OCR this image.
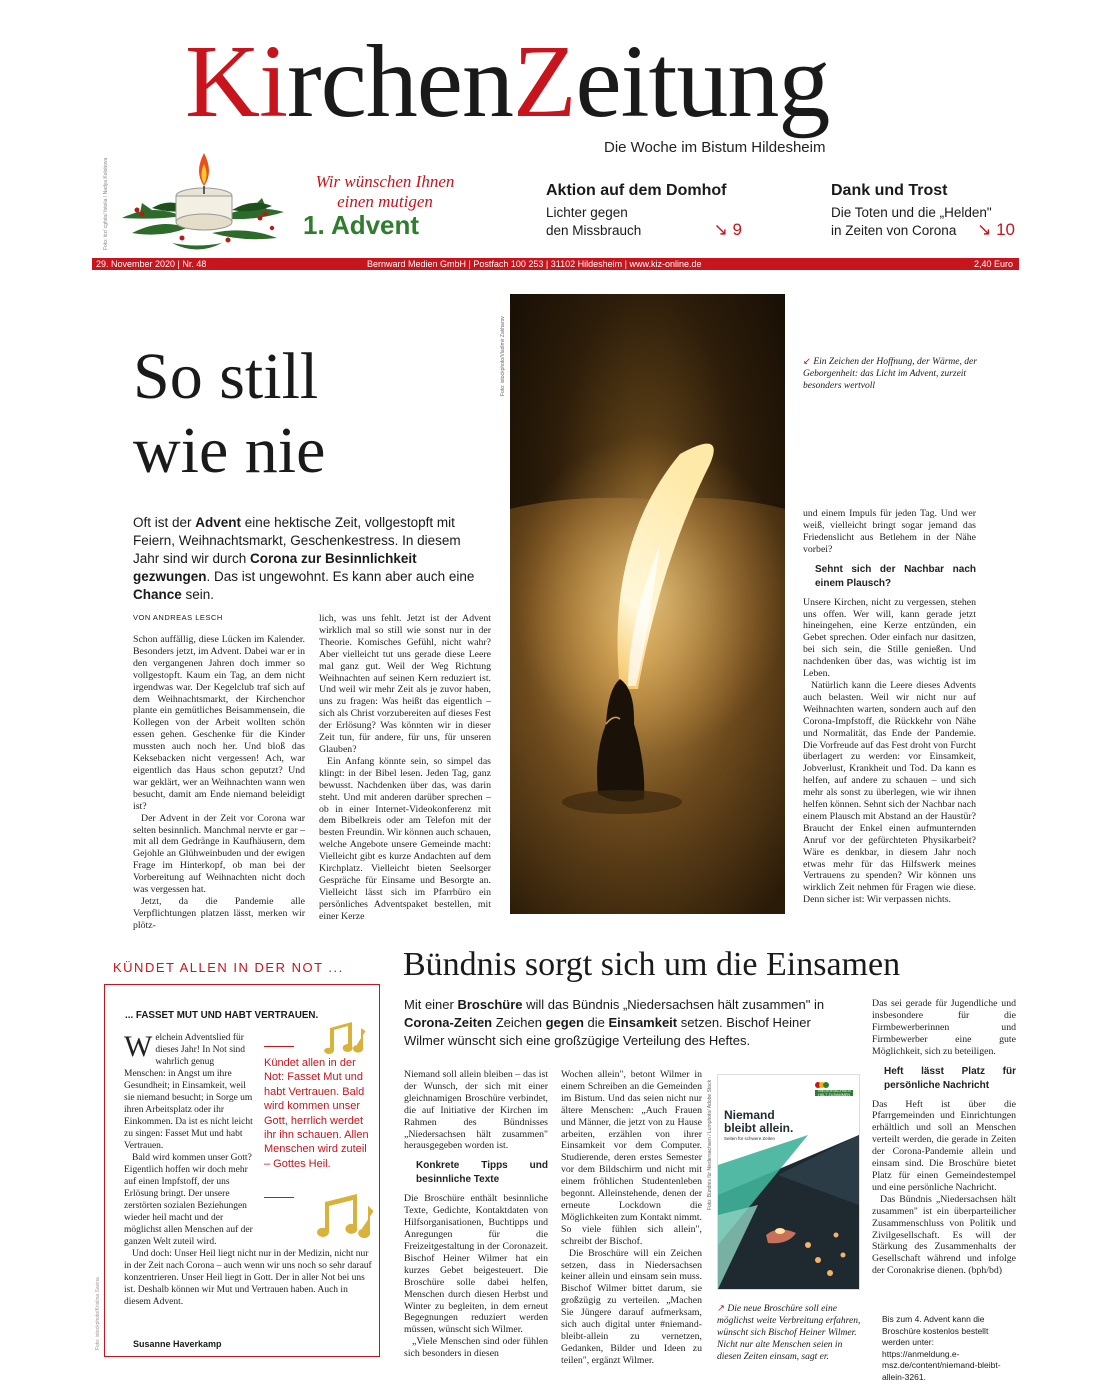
KirchenZeitung
Die Woche im Bistum Hildesheim
Foto: kiz/ cgfoto/ fotolia / Nadya Kolobova	Wir wünschen Ihnen
einen mutigen
1. Advent
Aktion auf dem Domhof

Lichter gegen
den Missbrauch	↘ 9
Dank und Trost

Die Toten und die „Helden"
in Zeiten von Corona	↘ 10
29. November 2020 | Nr. 48	Bernward Medien GmbH | Postfach 100 253 | 31102 Hildesheim | www.kiz-online.de	2,40 Euro
So still
wie nie
Oft ist der Advent eine hektische Zeit, vollgestopft mit Feiern, Weihnachtsmarkt, Geschenkestress. In diesem Jahr sind wir durch Corona zur Besinnlichkeit gezwungen. Das ist ungewohnt. Es kann aber auch eine Chance sein.
VON ANDREAS LESCH

Schon auffällig, diese Lücken im Kalender. Besonders jetzt, im Advent. Dabei war er in den vergangenen Jahren doch immer so vollgestopft. Kaum ein Tag, an dem nicht irgendwas war. Der Kegelclub traf sich auf dem Weihnachtsmarkt, der Kirchenchor plante ein gemütliches Beisammensein, die Kollegen von der Arbeit wollten schön essen gehen. Geschenke für die Kinder mussten auch noch her. Und bloß das Keksebacken nicht vergessen! Ach, war eigentlich das Haus schon geputzt? Und war geklärt, wer an Weihnachten wann wen besucht, damit am Ende niemand beleidigt ist?

Der Advent in der Zeit vor Corona war selten besinnlich. Manchmal nervte er gar – mit all dem Gedränge in Kaufhäusern, dem Gejohle an Glühweinbuden und der ewigen Frage im Hinterkopf, ob man bei der Vorbereitung auf Weihnachten nicht doch was vergessen hat.

Jetzt, da die Pandemie alle Verpflichtungen platzen lässt, merken wir plötz-

lich, was uns fehlt. Jetzt ist der Advent wirklich mal so still wie sonst nur in der Theorie. Komisches Gefühl, nicht wahr? Aber vielleicht tut uns gerade diese Leere mal ganz gut. Weil der Weg Richtung Weihnachten auf seinen Kern reduziert ist. Und weil wir mehr Zeit als je zuvor haben, uns zu fragen: Was heißt das eigentlich – sich als Christ vorzubereiten auf dieses Fest der Erlösung? Was könnten wir in dieser Zeit tun, für andere, für uns, für unseren Glauben?

Ein Anfang könnte sein, so simpel das klingt: in der Bibel lesen. Jeden Tag, ganz bewusst. Nachdenken über das, was darin steht. Und mit anderen darüber sprechen – ob in einer Internet-Videokonferenz mit dem Bibelkreis oder am Telefon mit der besten Freundin. Wir können auch schauen, welche Angebote unsere Gemeinde macht: Vielleicht gibt es kurze Andachten auf dem Kirchplatz. Vielleicht bieten Seelsorger Gespräche für Einsame und Besorgte an. Vielleicht lässt sich im Pfarrbüro ein persönliches Adventspaket bestellen, mit einer Kerze

Foto: istockphoto/Vladimir Zakharov	↙ Ein Zeichen der Hoffnung, der Wärme, der Geborgenheit: das Licht im Advent, zurzeit besonders wertvoll

und einem Impuls für jeden Tag. Und wer weiß, vielleicht bringt sogar jemand das Friedenslicht aus Betlehem in der Nähe vorbei?

Sehnt sich der Nachbar nach einem Plausch?

Unsere Kirchen, nicht zu vergessen, stehen uns offen. Wer will, kann gerade jetzt hineingehen, eine Kerze entzünden, ein Gebet sprechen. Oder einfach nur dasitzen, bei sich sein, die Stille genießen. Und nachdenken über das, was wichtig ist im Leben.

Natürlich kann die Leere dieses Advents auch belasten. Weil wir nicht nur auf Weihnachten warten, sondern auch auf den Corona-Impfstoff, die Rückkehr von Nähe und Normalität, das Ende der Pandemie. Die Vorfreude auf das Fest droht von Furcht überlagert zu werden: vor Einsamkeit, Jobverlust, Krankheit und Tod. Da kann es helfen, auf andere zu schauen – und sich mehr als sonst zu überlegen, wie wir ihnen helfen können. Sehnt sich der Nachbar nach einem Plausch mit Abstand an der Haustür? Braucht der Enkel einen aufmunternden Anruf vor der gefürchteten Physikarbeit? Wäre es denkbar, in diesem Jahr noch etwas mehr für das Hilfswerk meines Vertrauens zu spenden? Wir können uns wirklich Zeit nehmen für Fragen wie diese. Denn sicher ist: Wir verpassen nichts.

KÜNDET ALLEN IN DER NOT ...
Foto: istockphoto/Kristina Savina
... FASSET MUT UND HABT VERTRAUEN.
Kündet allen in der Not: Fasset Mut und habt Vertrauen. Bald wird kommen unser Gott, herrlich werdet ihr ihn schauen. Allen Menschen wird zuteil – Gottes Heil.

Welchein Adventslied für dieses Jahr! In Not sind wahrlich genug Menschen: in Angst um ihre Gesundheit; in Einsamkeit, weil sie niemand besucht; in Sorge um ihren Arbeitsplatz oder ihr Einkommen. Da ist es nicht leicht zu singen: Fasset Mut und habt Vertrauen.

Bald wird kommen unser Gott? Eigentlich hoffen wir doch mehr auf einen Impfstoff, der uns Erlösung bringt. Der unsere zerstörten sozialen Beziehungen wieder heil macht und der möglichst allen Menschen auf der ganzen Welt zuteil wird.

Und doch: Unser Heil liegt nicht nur in der Medizin, nicht nur in der Zeit nach Corona – auch wenn wir uns noch so sehr darauf konzentrieren. Unser Heil liegt in Gott. Der in aller Not bei uns ist. Deshalb können wir Mut und Vertrauen haben. Auch in diesem Advent.

Susanne Haverkamp
Bündnis sorgt sich um die Einsamen
Mit einer Broschüre will das Bündnis „Niedersachsen hält zusammen" in Corona-Zeiten Zeichen gegen die Einsamkeit setzen. Bischof Heiner Wilmer wünscht sich eine großzügige Verteilung des Heftes.

Niemand soll allein bleiben – das ist der Wunsch, der sich mit einer gleichnamigen Broschüre verbindet, die auf Initiative der Kirchen im Rahmen des Bündnisses „Niedersachsen hält zusammen" herausgegeben worden ist.

Konkrete Tipps und besinnliche Texte

Die Broschüre enthält besinnliche Texte, Gedichte, Kontaktdaten von Hilfsorganisationen, Buchtipps und Anregungen für die Freizeitgestaltung in der Coronazeit. Bischof Heiner Wilmer hat ein kurzes Gebet beigesteuert. Die Broschüre solle dabei helfen, Menschen durch diesen Herbst und Winter zu begleiten, in dem erneut Begegnungen reduziert werden müssen, wünscht sich Wilmer.

„Viele Menschen sind oder fühlen sich besonders in diesen

Wochen allein", betont Wilmer in einem Schreiben an die Gemeinden im Bistum. Und das seien nicht nur ältere Menschen: „Auch Frauen und Männer, die jetzt von zu Hause arbeiten, erzählen von ihrer Einsamkeit vor dem Computer. Studierende, deren erstes Semester vor dem Bildschirm und nicht mit einem fröhlichen Studentenleben begonnt. Alleinstehende, denen der erneute Lockdown die Möglichkeiten zum Kontakt nimmt. So viele fühlen sich allein", schreibt der Bischof.

Die Broschüre will ein Zeichen setzen, dass in Niedersachsen keiner allein und einsam sein muss. Bischof Wilmer bittet darum, sie großzügig zu verteilen. „Machen Sie Jüngere darauf aufmerksam, sich auch digital unter #niemand-bleibt-allein zu vernetzen, Gedanken, Bilder und Ideen zu teilen", ergänzt Wilmer.

Foto: Bündnis für Niedersachsen / Lumphoto/ Adobe Stock	NIEDERSACHSEN HÄLT ZUSAMMEN
Niemand
bleibt allein.
Seiten für schwere Zeiten
↗ Die neue Broschüre soll eine möglichst weite Verbreitung erfahren, wünscht sich Bischof Heiner Wilmer. Nicht nur alte Menschen seien in diesen Zeiten einsam, sagt er.

Das sei gerade für Jugendliche und insbesondere für die Firmbewerberinnen und Firmbewerber eine gute Möglichkeit, sich zu beteiligen.

Heft lässt Platz für persönliche Nachricht

Das Heft ist über die Pfarrgemeinden und Einrichtungen erhältlich und soll an Menschen verteilt werden, die gerade in Zeiten der Corona-Pandemie allein und einsam sind. Die Broschüre bietet Platz für einen Gemeindestempel und eine persönliche Nachricht.

Das Bündnis „Niedersachsen hält zusammen" ist ein überparteilicher Zusammenschluss von Politik und Zivilgesellschaft. Es will der Stärkung des Zusammenhalts der Gesellschaft während und infolge der Coronakrise dienen. (bph/bd)

Bis zum 4. Advent kann die Broschüre kostenlos bestellt werden unter: https://anmeldung.e-msz.de/content/niemand-bleibt-allein-3261.
